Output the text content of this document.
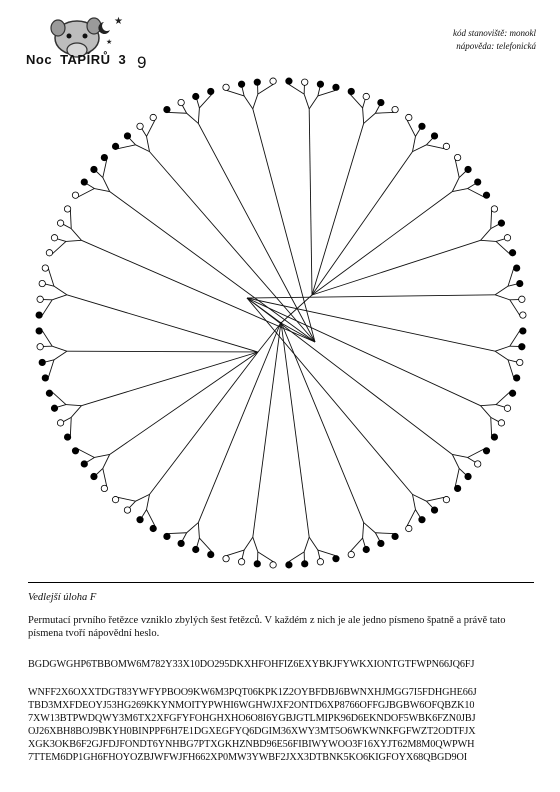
★
★
Noc TAPÍRŮ 3 9
kód stanoviště: monokl
nápověda: telefonická
Vedlejší úloha F
Permutací prvního řetězce vzniklo zbylých šest řetězců. V každém z nich je ale jedno písmeno špatně a právě tato písmena tvoří nápovědní heslo.
BGDGWGHP6TBBOMW6M782Y33X10DO295DKXHFOHFIZ6EXYBKJFYWKXIONTGTFWPN66JQ6FJ
WNFF2X6OXXTDGT83YWFYPBOO9KW6M3PQT06KPK1Z2OYBFDBJ6BWNXHJMGG7I5FDHGHE66J
TBD3MXFDEOYJ53HG269KKYNMOITYPWHI6WGHWJXF2ONTD6XP8766OFFGJBGBW6OFQBZK10
7XW13BTPWDQWY3M6TX2XFGFYFOHGHXHO6O8I6YGBJGTLMIPK96D6EKNDOF5WBK6FZN0JBJ
OJ26XBH8BOJ9BKYH0BINPPF6H7E1DGXEGFYQ6DGIM36XWY3MT5O6WKWNKFGFWZT2ODTFJX
XGK3OKB6F2GJFDJFONDT6YNHBG7PTXGKHZNBD96E56FIBIWYWOO3F16XYJT62M8M0QWPWH
7TTEM6DP1GH6FHOYOZBJWFWJFH662XP0MW3YWBF2JXX3DTBNK5KO6KIGFOYX68QBGD9OI
